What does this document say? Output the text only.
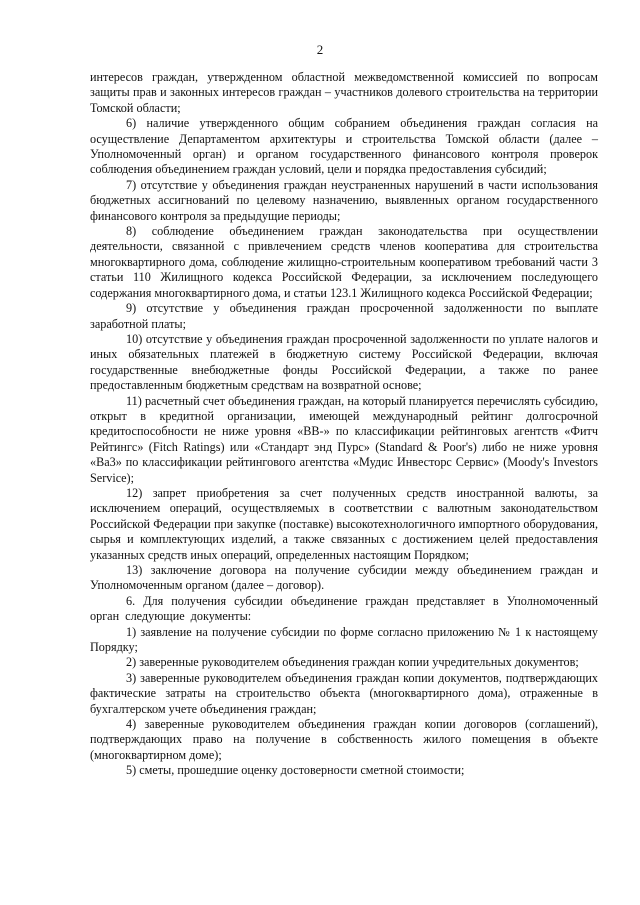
2

интересов граждан, утвержденном областной межведомственной комиссией по вопросам защиты прав и законных интересов граждан – участников долевого строительства на территории Томской области;

6) наличие утвержденного общим собранием объединения граждан согласия на осуществление Департаментом архитектуры и строительства Томской области (далее – Уполномоченный орган) и органом государственного финансового контроля проверок соблюдения объединением граждан условий, цели и порядка предоставления субсидий;

7) отсутствие у объединения граждан неустраненных нарушений в части использования бюджетных ассигнований по целевому назначению, выявленных органом государственного финансового контроля за предыдущие периоды;

8) соблюдение объединением граждан законодательства при осуществлении деятельности, связанной с привлечением средств членов кооператива для строительства многоквартирного дома, соблюдение жилищно-строительным кооперативом требований части 3 статьи 110 Жилищного кодекса Российской Федерации, за исключением последующего содержания многоквартирного дома, и статьи 123.1 Жилищного кодекса Российской Федерации;

9) отсутствие у объединения граждан просроченной задолженности по выплате заработной платы;

10) отсутствие у объединения граждан просроченной задолженности по уплате налогов и иных обязательных платежей в бюджетную систему Российской Федерации, включая государственные внебюджетные фонды Российской Федерации, а также по ранее предоставленным бюджетным средствам на возвратной основе;

11) расчетный счет объединения граждан, на который планируется перечислять субсидию, открыт в кредитной организации, имеющей международный рейтинг долгосрочной кредитоспособности не ниже уровня «BB-» по классификации рейтинговых агентств «Фитч Рейтингс» (Fitch Ratings) или «Стандарт энд Пурс» (Standard & Poor's) либо не ниже уровня «Ba3» по классификации рейтингового агентства «Мудис Инвесторс Сервис» (Moody's Investors Service);

12) запрет приобретения за счет полученных средств иностранной валюты, за исключением операций, осуществляемых в соответствии с валютным законодательством Российской Федерации при закупке (поставке) высокотехнологичного импортного оборудования, сырья и комплектующих изделий, а также связанных с достижением целей предоставления указанных средств иных операций, определенных настоящим Порядком;

13) заключение договора на получение субсидии между объединением граждан и Уполномоченным органом (далее – договор).

6. Для получения субсидии объединение граждан представляет в Уполномоченный орган следующие документы:

1) заявление на получение субсидии по форме согласно приложению № 1 к настоящему Порядку;

2) заверенные руководителем объединения граждан копии учредительных документов;

3) заверенные руководителем объединения граждан копии документов, подтверждающих фактические затраты на строительство объекта (многоквартирного дома), отраженные в бухгалтерском учете объединения граждан;

4) заверенные руководителем объединения граждан копии договоров (соглашений), подтверждающих право на получение в собственность жилого помещения в объекте (многоквартирном доме);

5) сметы, прошедшие оценку достоверности сметной стоимости;
